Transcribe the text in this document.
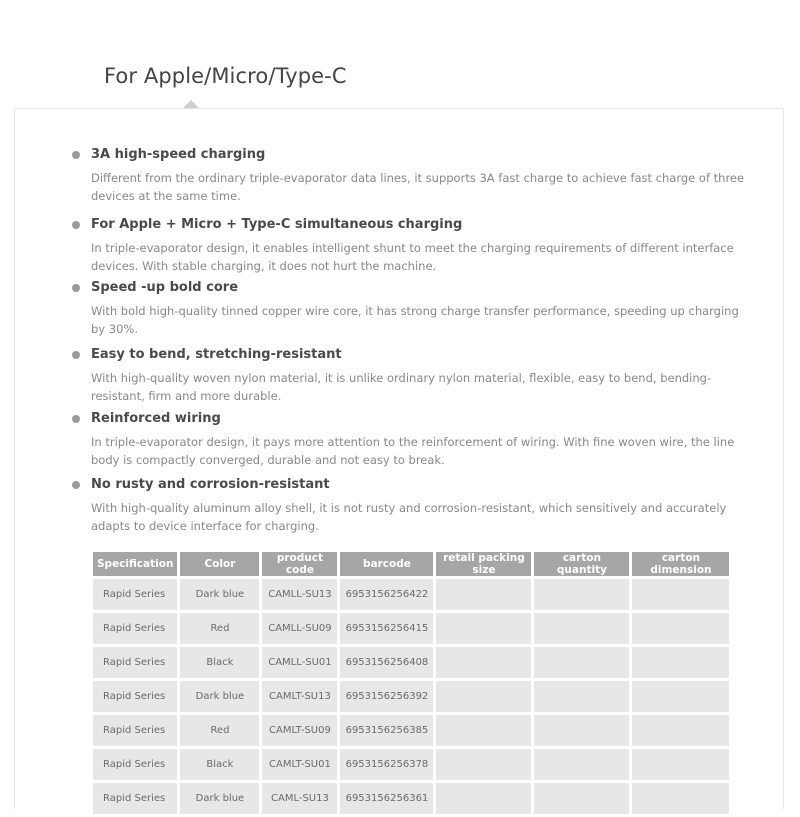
For Apple/Micro/Type-C
3A high-speed charging
Different from the ordinary triple-evaporator data lines, it supports 3A fast charge to achieve fast charge of three devices at the same time.
For Apple + Micro + Type-C simultaneous charging
In triple-evaporator design, it enables intelligent shunt to meet the charging requirements of different interface devices. With stable charging, it does not hurt the machine.
Speed -up bold core
With bold high-quality tinned copper wire core, it has strong charge transfer performance, speeding up charging by 30%.
Easy to bend, stretching-resistant
With high-quality woven nylon material, it is unlike ordinary nylon material, flexible, easy to bend, bending-resistant, firm and more durable.
Reinforced wiring
In triple-evaporator design, it pays more attention to the reinforcement of wiring. With fine woven wire, the line body is compactly converged, durable and not easy to break.
No rusty and corrosion-resistant
With high-quality aluminum alloy shell, it is not rusty and corrosion-resistant, which sensitively and accurately adapts to device interface for charging.
Specification	Color	product code	barcode	retail packing size	carton quantity	carton dimension
Rapid Series	Dark blue	CAMLL-SU13	6953156256422			
Rapid Series	Red	CAMLL-SU09	6953156256415			
Rapid Series	Black	CAMLL-SU01	6953156256408			
Rapid Series	Dark blue	CAMLT-SU13	6953156256392			
Rapid Series	Red	CAMLT-SU09	6953156256385			
Rapid Series	Black	CAMLT-SU01	6953156256378			
Rapid Series	Dark blue	CAML-SU13	6953156256361			
